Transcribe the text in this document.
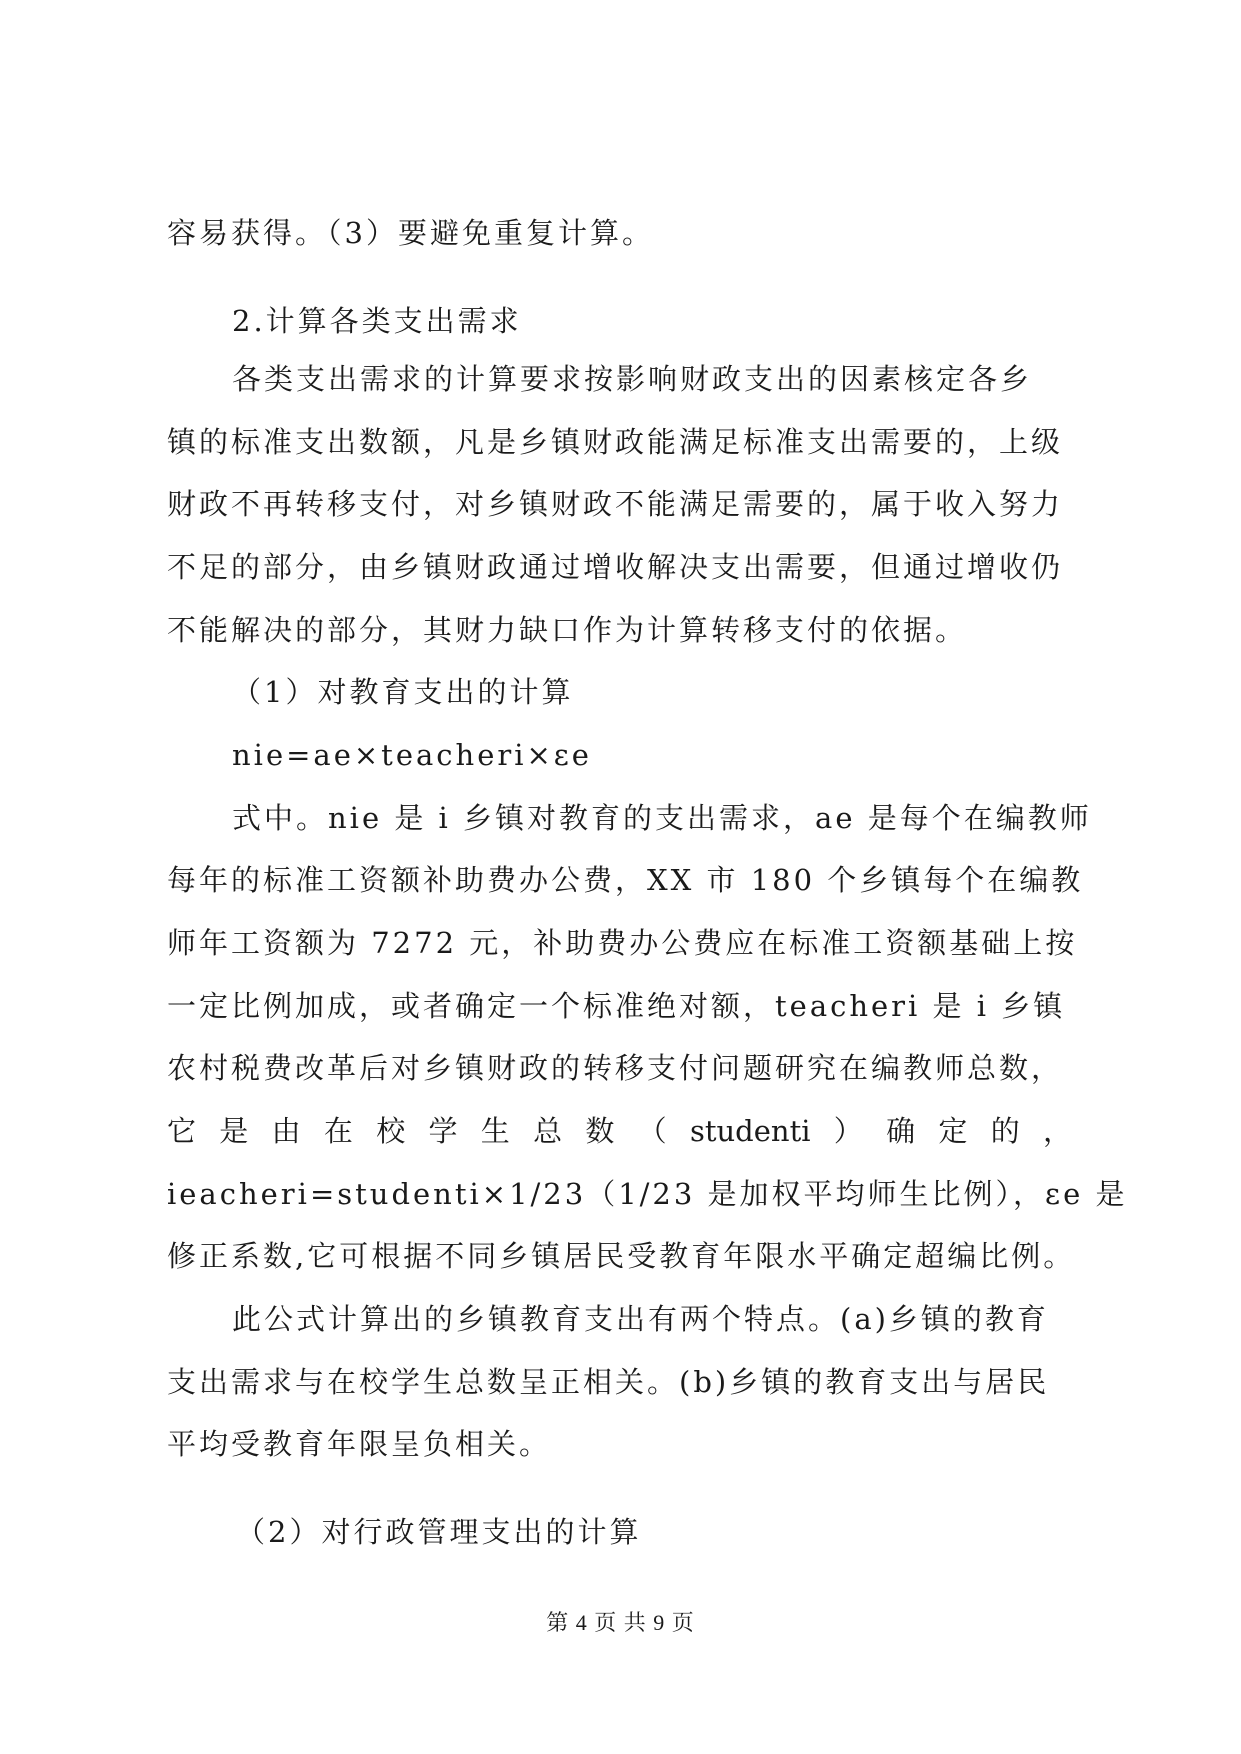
容易获得。（3）要避免重复计算。
2.计算各类支出需求
各类支出需求的计算要求按影响财政支出的因素核定各乡
镇的标准支出数额，凡是乡镇财政能满足标准支出需要的，上级
财政不再转移支付，对乡镇财政不能满足需要的，属于收入努力
不足的部分，由乡镇财政通过增收解决支出需要，但通过增收仍
不能解决的部分，其财力缺口作为计算转移支付的依据。
（1）对教育支出的计算
nie=ae×teacheri×εe
式中。nie 是 i 乡镇对教育的支出需求，ae 是每个在编教师
每年的标准工资额补助费办公费，XX 市 180 个乡镇每个在编教
师年工资额为 7272 元，补助费办公费应在标准工资额基础上按
一定比例加成，或者确定一个标准绝对额，teacheri 是 i 乡镇
农村税费改革后对乡镇财政的转移支付问题研究在编教师总数，
它 是 由 在 校 学 生 总 数 （ studenti ） 确 定 的 ，
ieacheri=studenti×1/23（1/23 是加权平均师生比例），εe 是
修正系数,它可根据不同乡镇居民受教育年限水平确定超编比例。
此公式计算出的乡镇教育支出有两个特点。(a)乡镇的教育
支出需求与在校学生总数呈正相关。(b)乡镇的教育支出与居民
平均受教育年限呈负相关。
（2）对行政管理支出的计算
第 4 页 共 9 页
